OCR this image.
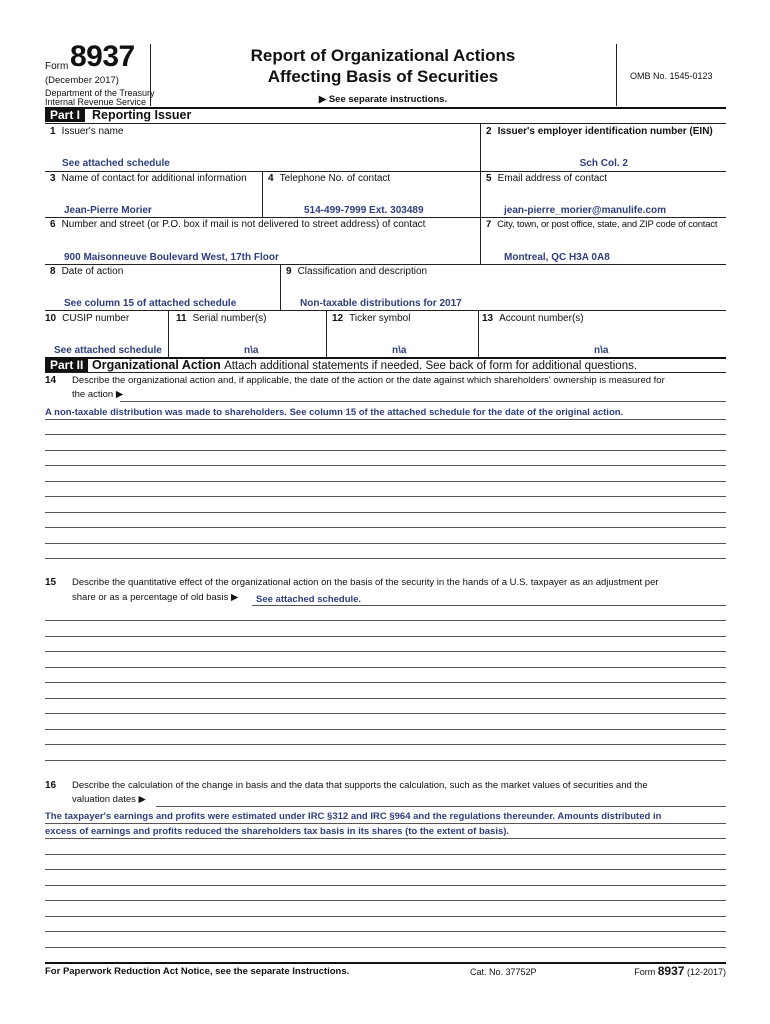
Form 8937
(December 2017)
Department of the Treasury
Internal Revenue Service
Report of Organizational Actions
Affecting Basis of Securities
▶ See separate instructions.
OMB No. 1545-0123
Part I Reporting Issuer
1 Issuer's name	2 Issuer's employer identification number (EIN)
See attached schedule	Sch Col. 2
3 Name of contact for additional information 4 Telephone No. of contact	5 Email address of contact
Jean-Pierre Morier	514-499-7999 Ext. 303489	jean-pierre_morier@manulife.com
6 Number and street (or P.O. box if mail is not delivered to street address) of contact	7 City, town, or post office, state, and ZIP code of contact
900 Maisonneuve Boulevard West, 17th Floor	Montreal, QC H3A 0A8
8 Date of action	9 Classification and description
See column 15 of attached schedule	Non-taxable distributions for 2017
10 CUSIP number	11 Serial number(s)	12 Ticker symbol	13 Account number(s)
See attached schedule	n\a	n\a	n\a
Part II Organizational Action Attach additional statements if needed. See back of form for additional questions.
14 Describe the organizational action and, if applicable, the date of the action or the date against which shareholders' ownership is measured for
the action ▶
A non-taxable distribution was made to shareholders. See column 15 of the attached schedule for the date of the original action.
15 Describe the quantitative effect of the organizational action on the basis of the security in the hands of a U.S. taxpayer as an adjustment per
share or as a percentage of old basis ▶ See attached schedule.
16 Describe the calculation of the change in basis and the data that supports the calculation, such as the market values of securities and the
valuation dates ▶
The taxpayer's earnings and profits were estimated under IRC §312 and IRC §964 and the regulations thereunder. Amounts distributed in
excess of earnings and profits reduced the shareholders tax basis in its shares (to the extent of basis).
For Paperwork Reduction Act Notice, see the separate Instructions.	Cat. No. 37752P	Form 8937 (12-2017)
